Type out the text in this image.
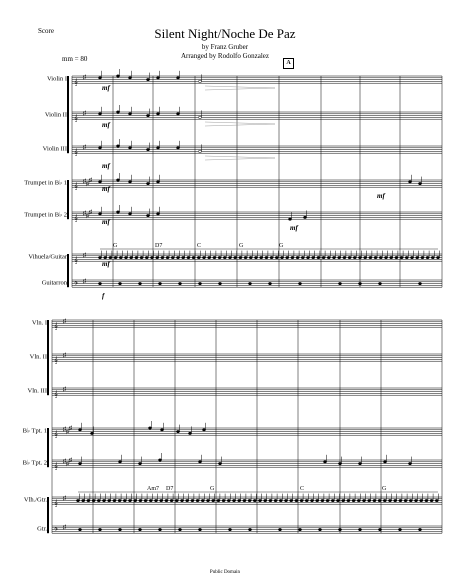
Score	Silent Night/Noche De Paz
by Franz Gruber
Arranged by Rodolfo Gonzalez
mm = 80	A
𝄞
♯
Violin I
𝄞
♯
Violin II
𝄞
♯
Violin III
𝄞
♯ ♯
♯
Trumpet in B♭ 1
𝄞
♯ ♯
♯
Trumpet in B♭ 2
𝄞
♯
Vihuela/Guitar
𝄢 ♯
Guitarron
G	D7	C	G	G
mf
mf
mf
mf
mf
mf
f
mf
mf
𝄞
♯
Vln. I
𝄞
♯
Vln. II
𝄞
♯
Vln. III
𝄞
♯ ♯
♯
B♭ Tpt. 1
𝄞
♯ ♯
♯
B♭ Tpt. 2
𝄞
♯
Vlh./Gtr.
𝄢 ♯
Gtr.
Am7 D7	G	C	G
Public Domain
